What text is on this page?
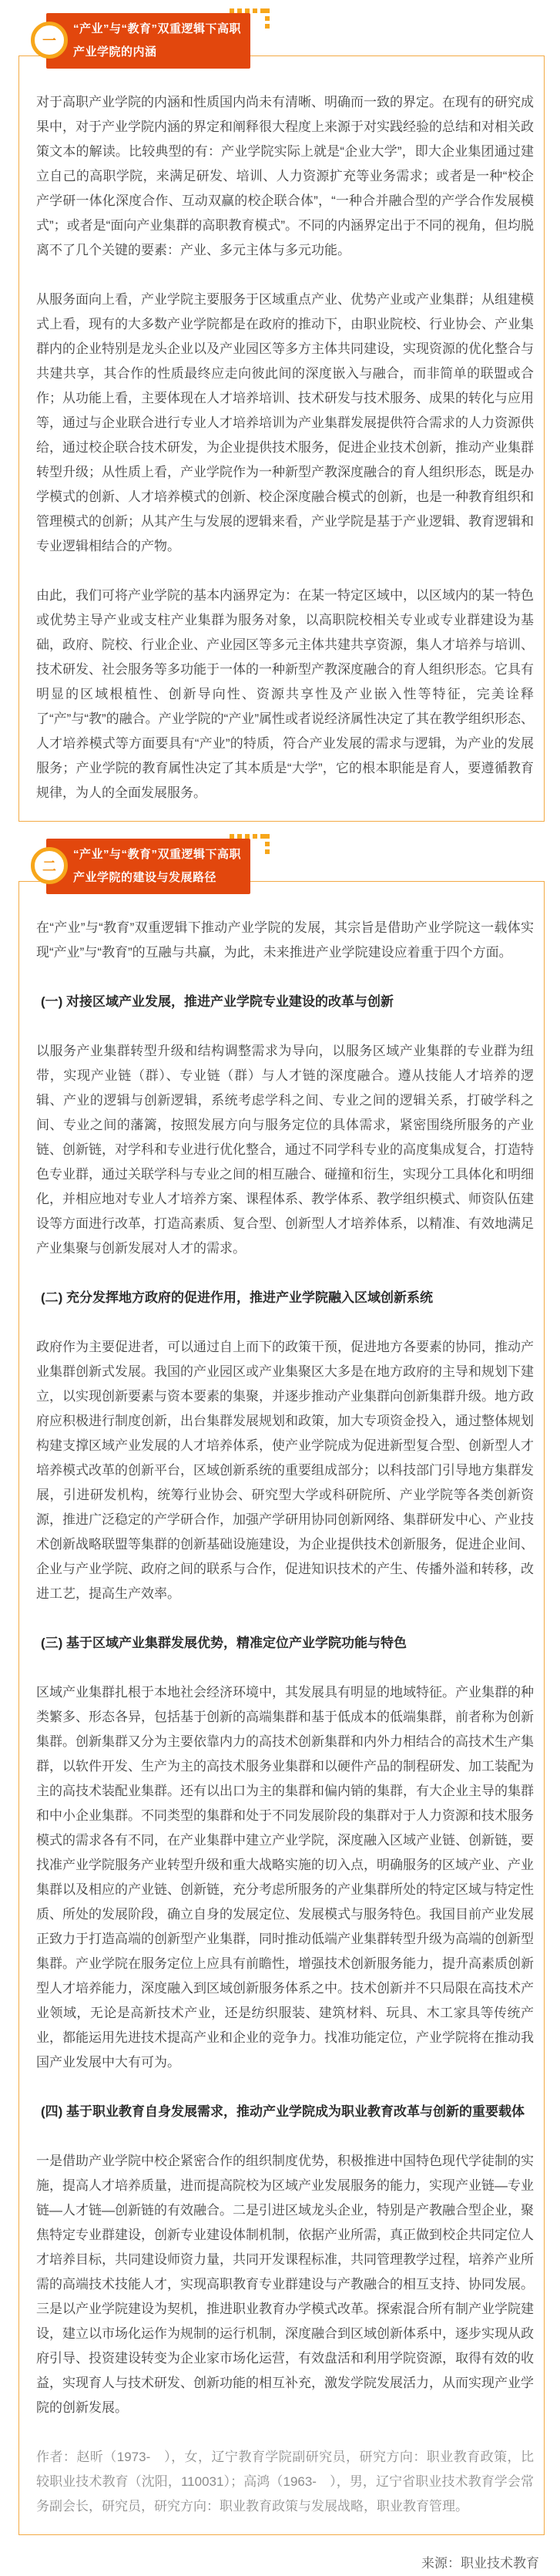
“产业”与“教育”双重逻辑下高职
产业学院的内涵
一

对于高职产业学院的内涵和性质国内尚未有清晰、明确而一致的界定。在现有的研究成果中，对于产业学院内涵的界定和阐释很大程度上来源于对实践经验的总结和对相关政策文本的解读。比较典型的有：产业学院实际上就是“企业大学”，即大企业集团通过建立自己的高职学院，来满足研发、培训、人力资源扩充等业务需求；或者是一种“校企产学研一体化深度合作、互动双赢的校企联合体”，“一种合并融合型的产学合作发展模式”；或者是“面向产业集群的高职教育模式”。不同的内涵界定出于不同的视角，但均脱离不了几个关键的要素：产业、多元主体与多元功能。

从服务面向上看，产业学院主要服务于区域重点产业、优势产业或产业集群；从组建模式上看，现有的大多数产业学院都是在政府的推动下，由职业院校、行业协会、产业集群内的企业特别是龙头企业以及产业园区等多方主体共同建设，实现资源的优化整合与共建共享，其合作的性质最终应走向彼此间的深度嵌入与融合，而非简单的联盟或合作；从功能上看，主要体现在人才培养培训、技术研发与技术服务、成果的转化与应用等，通过与企业联合进行专业人才培养培训为产业集群发展提供符合需求的人力资源供给，通过校企联合技术研发，为企业提供技术服务，促进企业技术创新，推动产业集群转型升级；从性质上看，产业学院作为一种新型产教深度融合的育人组织形态，既是办学模式的创新、人才培养模式的创新、校企深度融合模式的创新，也是一种教育组织和管理模式的创新；从其产生与发展的逻辑来看，产业学院是基于产业逻辑、教育逻辑和专业逻辑相结合的产物。

由此，我们可将产业学院的基本内涵界定为：在某一特定区域中，以区域内的某一特色或优势主导产业或支柱产业集群为服务对象，以高职院校相关专业或专业群建设为基础，政府、院校、行业企业、产业园区等多元主体共建共享资源，集人才培养与培训、技术研发、社会服务等多功能于一体的一种新型产教深度融合的育人组织形态。它具有明显的区域根植性、创新导向性、资源共享性及产业嵌入性等特征，完美诠释了“产”与“教”的融合。产业学院的“产业”属性或者说经济属性决定了其在教学组织形态、人才培养模式等方面要具有“产业”的特质，符合产业发展的需求与逻辑，为产业的发展服务；产业学院的教育属性决定了其本质是“大学”，它的根本职能是育人，要遵循教育规律，为人的全面发展服务。

“产业”与“教育”双重逻辑下高职
产业学院的建设与发展路径
二

在“产业”与“教育”双重逻辑下推动产业学院的发展，其宗旨是借助产业学院这一载体实现“产业”与“教育”的互融与共赢，为此，未来推进产业学院建设应着重于四个方面。

(一) 对接区域产业发展，推进产业学院专业建设的改革与创新

以服务产业集群转型升级和结构调整需求为导向，以服务区域产业集群的专业群为纽带，实现产业链（群）、专业链（群）与人才链的深度融合。遵从技能人才培养的逻辑、产业的逻辑与创新逻辑，系统考虑学科之间、专业之间的逻辑关系，打破学科之间、专业之间的藩篱，按照发展方向与服务定位的具体需求，紧密围绕所服务的产业链、创新链，对学科和专业进行优化整合，通过不同学科专业的高度集成复合，打造特色专业群，通过关联学科与专业之间的相互融合、碰撞和衍生，实现分工具体化和明细化，并相应地对专业人才培养方案、课程体系、教学体系、教学组织模式、师资队伍建设等方面进行改革，打造高素质、复合型、创新型人才培养体系，以精准、有效地满足产业集聚与创新发展对人才的需求。

(二) 充分发挥地方政府的促进作用，推进产业学院融入区域创新系统

政府作为主要促进者，可以通过自上而下的政策干预，促进地方各要素的协同，推动产业集群创新式发展。我国的产业园区或产业集聚区大多是在地方政府的主导和规划下建立，以实现创新要素与资本要素的集聚，并逐步推动产业集群向创新集群升级。地方政府应积极进行制度创新，出台集群发展规划和政策，加大专项资金投入，通过整体规划构建支撑区域产业发展的人才培养体系，使产业学院成为促进新型复合型、创新型人才培养模式改革的创新平台，区域创新系统的重要组成部分；以科技部门引导地方集群发展，引进研发机构，统筹行业协会、研究型大学或科研院所、产业学院等各类创新资源，推进广泛稳定的产学研合作，加强产学研用协同创新网络、集群研发中心、产业技术创新战略联盟等集群的创新基础设施建设，为企业提供技术创新服务，促进企业间、企业与产业学院、政府之间的联系与合作，促进知识技术的产生、传播外溢和转移，改进工艺，提高生产效率。

(三) 基于区域产业集群发展优势，精准定位产业学院功能与特色

区域产业集群扎根于本地社会经济环境中，其发展具有明显的地域特征。产业集群的种类繁多、形态各异，包括基于创新的高端集群和基于低成本的低端集群，前者称为创新集群。创新集群又分为主要依靠内力的高技术创新集群和内外力相结合的高技术生产集群，以软件开发、生产为主的高技术服务业集群和以硬件产品的制程研发、加工装配为主的高技术装配业集群。还有以出口为主的集群和偏内销的集群，有大企业主导的集群和中小企业集群。不同类型的集群和处于不同发展阶段的集群对于人力资源和技术服务模式的需求各有不同，在产业集群中建立产业学院，深度融入区域产业链、创新链，要找准产业学院服务产业转型升级和重大战略实施的切入点，明确服务的区域产业、产业集群以及相应的产业链、创新链，充分考虑所服务的产业集群所处的特定区域与特定性质、所处的发展阶段，确立自身的发展定位、发展模式与服务特色。我国目前产业发展正致力于打造高端的创新型产业集群，同时推动低端产业集群转型升级为高端的创新型集群。产业学院在服务定位上应具有前瞻性，增强技术创新服务能力，提升高素质创新型人才培养能力，深度融入到区域创新服务体系之中。技术创新并不只局限在高技术产业领域，无论是高新技术产业，还是纺织服装、建筑材料、玩具、木工家具等传统产业，都能运用先进技术提高产业和企业的竞争力。找准功能定位，产业学院将在推动我国产业发展中大有可为。

(四) 基于职业教育自身发展需求，推动产业学院成为职业教育改革与创新的重要载体

一是借助产业学院中校企紧密合作的组织制度优势，积极推进中国特色现代学徒制的实施，提高人才培养质量，进而提高院校为区域产业发展服务的能力，实现产业链—专业链—人才链—创新链的有效融合。二是引进区域龙头企业，特别是产教融合型企业，聚焦特定专业群建设，创新专业建设体制机制，依据产业所需，真正做到校企共同定位人才培养目标，共同建设师资力量，共同开发课程标准，共同管理教学过程，培养产业所需的高端技术技能人才，实现高职教育专业群建设与产教融合的相互支持、协同发展。三是以产业学院建设为契机，推进职业教育办学模式改革。探索混合所有制产业学院建设，建立以市场化运作为规制的运行机制，深度融合到区域创新体系中，逐步实现从政府引导、投资建设转变为企业家市场化运营，有效盘活和利用学院资源，取得有效的收益，实现育人与技术研发、创新功能的相互补充，激发学院发展活力，从而实现产业学院的创新发展。

作者：赵昕（1973-　），女，辽宁教育学院副研究员，研究方向：职业教育政策，比较职业技术教育（沈阳，110031）；高鸿（1963-　），男，辽宁省职业技术教育学会常务副会长，研究员，研究方向：职业教育政策与发展战略，职业教育管理。

来源：职业技术教育
